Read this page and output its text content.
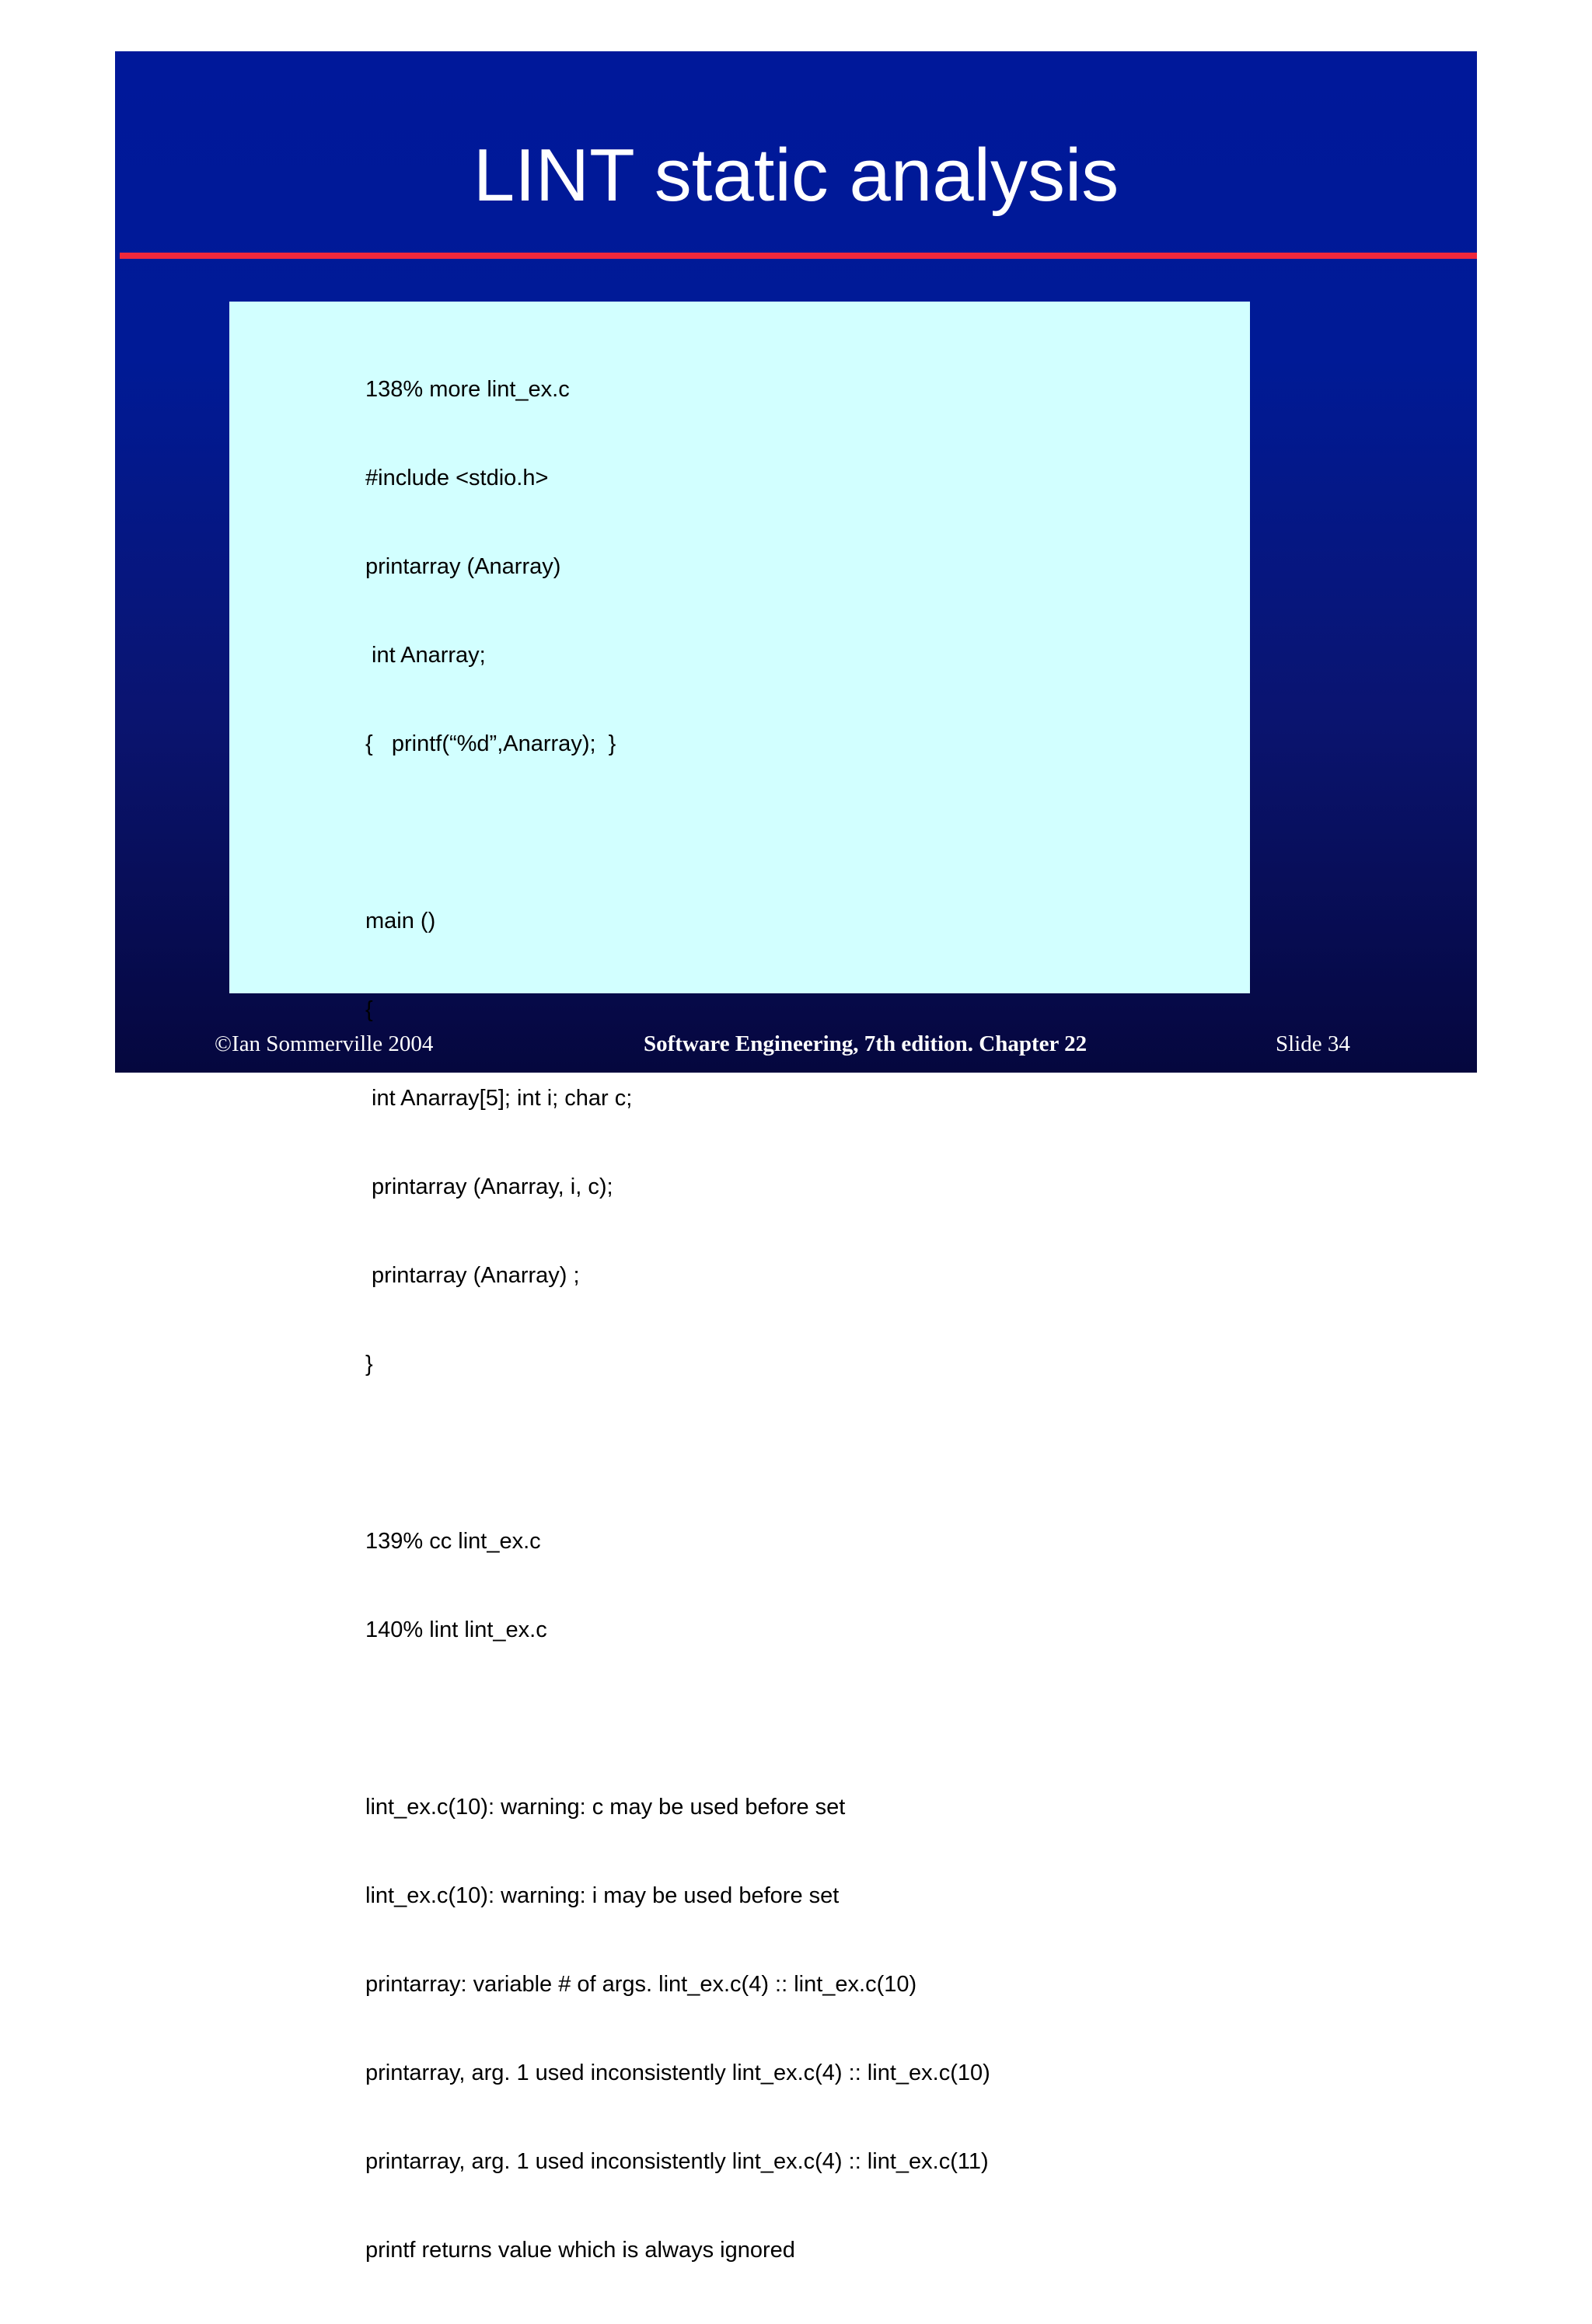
LINT static analysis

138% more lint_ex.c

#include <stdio.h>

printarray (Anarray)

int Anarray;

{   printf(“%d”,Anarray);  }

main ()

{

int Anarray[5]; int i; char c;

printarray (Anarray, i, c);

printarray (Anarray) ;

}

139% cc lint_ex.c

140% lint lint_ex.c

lint_ex.c(10): warning: c may be used before set

lint_ex.c(10): warning: i may be used before set

printarray: variable # of args. lint_ex.c(4) :: lint_ex.c(10)

printarray, arg. 1 used inconsistently lint_ex.c(4) :: lint_ex.c(10)

printarray, arg. 1 used inconsistently lint_ex.c(4) :: lint_ex.c(11)

printf returns value which is always ignored

©Ian Sommerville 2004	Software Engineering, 7th edition. Chapter 22	Slide 34
